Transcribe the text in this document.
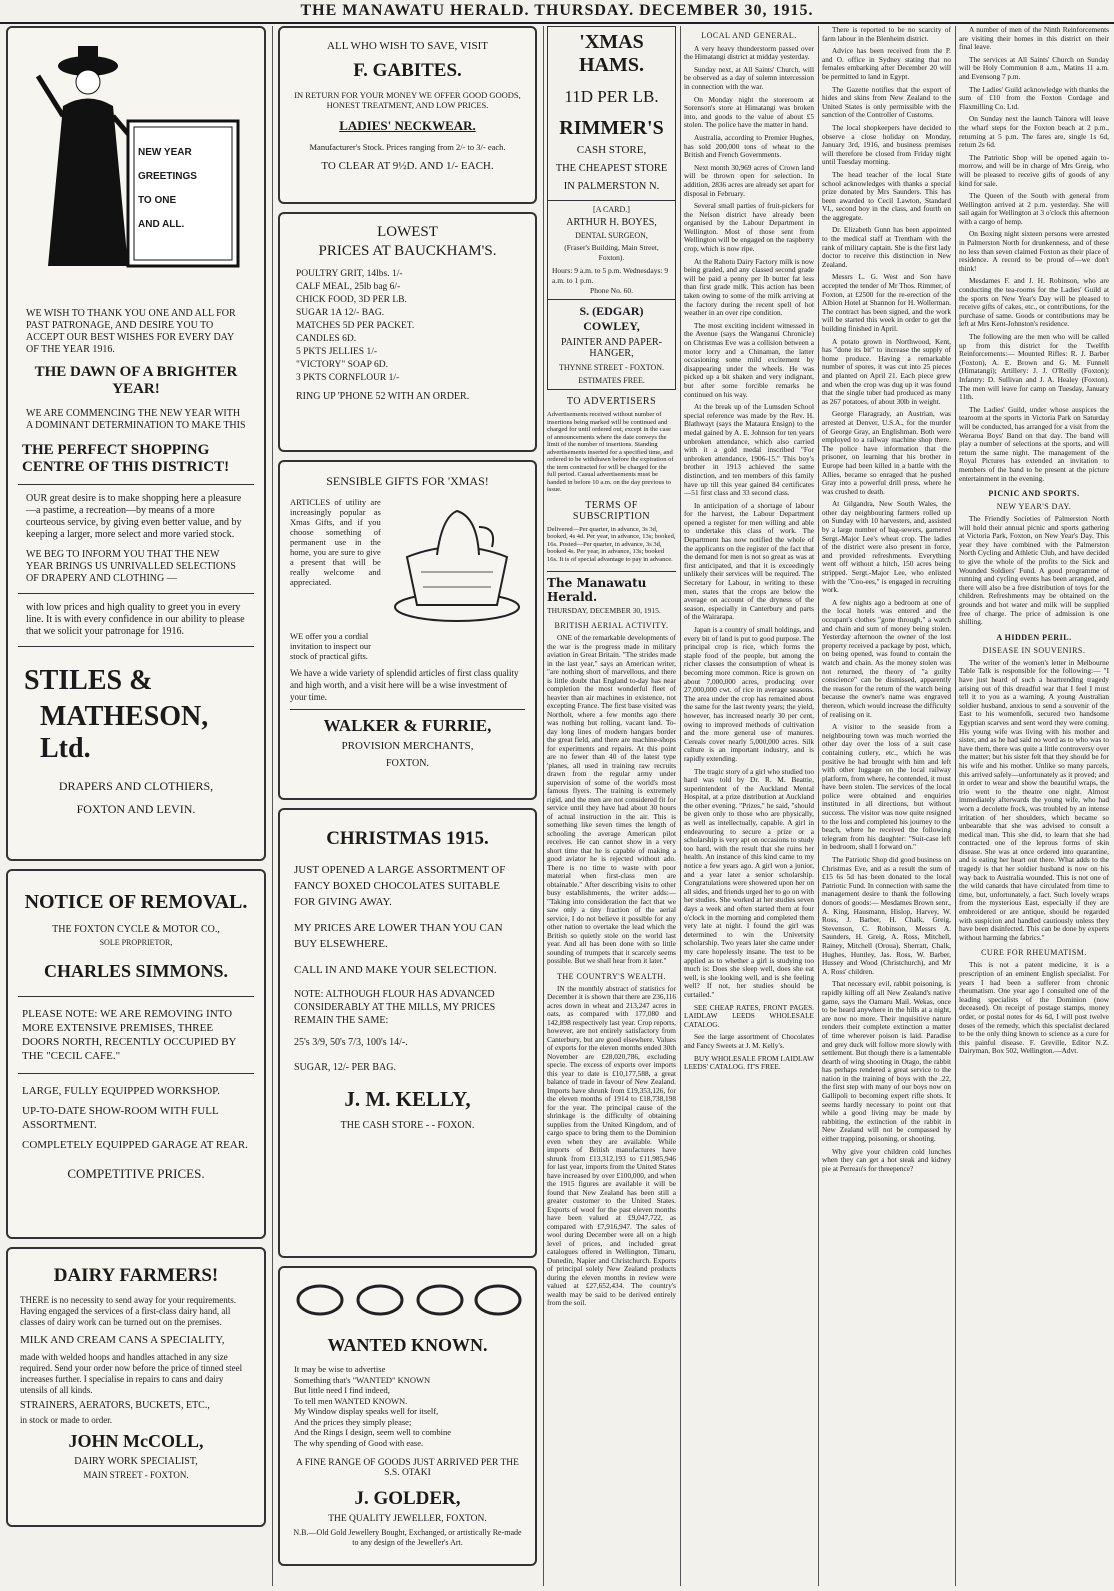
THE MANAWATU HERALD. THURSDAY. DECEMBER 30, 1915.
NEW YEAR
GREETINGS
TO ONE
AND ALL.

WE WISH TO THANK YOU ONE AND ALL FOR PAST PATRONAGE, AND DESIRE YOU TO ACCEPT OUR BEST WISHES FOR EVERY DAY OF THE YEAR 1916.

THE DAWN OF A BRIGHTER YEAR!

WE ARE COMMENCING THE NEW YEAR WITH A DOMINANT DETERMINATION TO MAKE THIS

THE PERFECT SHOPPING CENTRE OF THIS DISTRICT!

OUR great desire is to make shopping here a pleasure—a pastime, a recreation—by means of a more courteous service, by giving even better value, and by keeping a larger, more select and more varied stock.

WE BEG TO INFORM YOU THAT THE NEW YEAR BRINGS US UNRIVALLED SELECTIONS OF DRAPERY AND CLOTHING —

with low prices and high quality to greet you in every line. It is with every confidence in our ability to please that we solicit your patronage for 1916.

STILES &
MATHESON, Ltd.
DRAPERS AND CLOTHIERS,
FOXTON AND LEVIN.
NOTICE OF REMOVAL.
THE FOXTON CYCLE & MOTOR CO.,
SOLE PROPRIETOR,
CHARLES SIMMONS.

PLEASE NOTE: WE ARE REMOVING INTO MORE EXTENSIVE PREMISES, THREE DOORS NORTH, RECENTLY OCCUPIED BY THE "CECIL CAFE."

LARGE, FULLY EQUIPPED WORKSHOP.
UP-TO-DATE SHOW-ROOM WITH FULL ASSORTMENT.
COMPLETELY EQUIPPED GARAGE AT REAR.
COMPETITIVE PRICES.
DAIRY FARMERS!

THERE is no necessity to send away for your requirements. Having engaged the services of a first-class dairy hand, all classes of dairy work can be turned out on the premises.

MILK AND CREAM CANS A SPECIALITY,

made with welded hoops and handles attached in any size required. Send your order now before the price of tinned steel increases further. I specialise in repairs to cans and dairy utensils of all kinds.

STRAINERS, AERATORS, BUCKETS, ETC.,
in stock or made to order.
JOHN McCOLL,
DAIRY WORK SPECIALIST,
MAIN STREET - FOXTON.
ALL WHO WISH TO SAVE, VISIT
F. GABITES.
IN RETURN FOR YOUR MONEY WE OFFER GOOD GOODS, HONEST TREATMENT, AND LOW PRICES.
LADIES' NECKWEAR.
Manufacturer's Stock. Prices ranging from 2/- to 3/- each.
TO CLEAR AT 9½D. AND 1/- EACH.
LOWEST
PRICES AT BAUCKHAM'S.
POULTRY GRIT, 14lbs. 1/-
CALF MEAL, 25lb bag 6/-
CHICK FOOD, 3D PER LB.
SUGAR 1A 12/- BAG.
MATCHES 5D PER PACKET.
CANDLES 6D.
5 PKTS JELLIES 1/-
"VICTORY" SOAP 6D.
3 PKTS CORNFLOUR 1/-
RING UP 'PHONE 52 WITH AN ORDER.
SENSIBLE GIFTS FOR 'XMAS!

ARTICLES of utility are increasingly popular as Xmas Gifts, and if you choose something of permanent use in the home, you are sure to give a present that will be really welcome and appreciated.

WE offer you a cordial invitation to inspect our stock of practical gifts.

We have a wide variety of splendid articles of first class quality and high worth, and a visit here will be a wise investment of your time.

WALKER & FURRIE,
PROVISION MERCHANTS,
FOXTON.
CHRISTMAS 1915.
JUST OPENED A LARGE ASSORTMENT OF FANCY BOXED CHOCOLATES SUITABLE FOR GIVING AWAY.
MY PRICES ARE LOWER THAN YOU CAN BUY ELSEWHERE.
CALL IN AND MAKE YOUR SELECTION.
NOTE: ALTHOUGH FLOUR HAS ADVANCED CONSIDERABLY AT THE MILLS, MY PRICES REMAIN THE SAME:
25's 3/9, 50's 7/3, 100's 14/-.
SUGAR, 12/- PER BAG.
J. M. KELLY,
THE CASH STORE - - FOXON.
WANTED KNOWN.
It may be wise to advertise
Something that's "WANTED" KNOWN
But little need I find indeed,
To tell men WANTED KNOWN.
My Window display speaks well for itself,
And the prices they simply please;
And the Rings I design, seem well to combine
The why spending of Good with ease.
A FINE RANGE OF GOODS JUST ARRIVED PER THE S.S. OTAKI
J. GOLDER,
THE QUALITY JEWELLER, FOXTON.
N.B.—Old Gold Jewellery Bought, Exchanged, or artistically Re-made to any design of the Jeweller's Art.
'XMAS
HAMS.
11D PER LB.
RIMMER'S
CASH STORE,
THE CHEAPEST STORE IN PALMERSTON N.
[A CARD.]
ARTHUR H. BOYES,
DENTAL SURGEON,
(Fraser's Building, Main Street, Foxton).
Hours: 9 a.m. to 5 p.m. Wednesdays: 9 a.m. to 1 p.m.
Phone No. 60.
S. (EDGAR) COWLEY,
PAINTER AND PAPER-HANGER,
THYNNE STREET - FOXTON.
ESTIMATES FREE.
TO ADVERTISERS

Advertisements received without number of insertions being marked will be continued and charged for until ordered out, except in the case of announcements where the date conveys the limit of the number of insertions. Standing advertisements inserted for a specified time, and ordered to be withdrawn before the expiration of the term contracted for will be charged for the full period. Casual advertisements must be handed in before 10 a.m. on the day previous to issue.

TERMS OF SUBSCRIPTION

Delivered—Per quarter, in advance, 3s 3d, booked, 4s 4d. Per year, in advance, 13s; booked, 16s. Posted—Per quarter, in advance, 3s 3d, booked 4s. Per year, in advance, 13s; booked 16s. It is of special advantage to pay in advance.

The Manawatu Herald.
THURSDAY, DECEMBER 30, 1915.
BRITISH AERIAL ACTIVITY.

ONE of the remarkable developments of the war is the progress made in military aviation in Great Britain. "The strides made in the last year," says an American writer, "are nothing short of marvellous, and there is little doubt that England to-day has near completion the most wonderful fleet of heavier than air machines in existence, not excepting France. The first base visited was Northolt, where a few months ago there was nothing but rolling, vacant land. To-day long lines of modern hangars border the great field, and there are machine-shops for experiments and repairs. At this point are no fewer than 40 of the latest type 'planes, all used in training raw recruits drawn from the regular army under supervision of some of the world's most famous flyers. The training is extremely rigid, and the men are not considered fit for service until they have had about 30 hours of actual instruction in the air. This is something like seven times the length of schooling the average American pilot receives. He can cannot show in a very short time that he is capable of making a good aviator he is rejected without ado. There is no time to waste with poor material when first-class men are obtainable." After describing visits to other busy establishments, the writer adds:— "Taking into consideration the fact that we saw only a tiny fraction of the aerial service, I do not believe it possible for any other nation to overtake the lead which the British so quietly stole on the world last year. And all has been done with so little sounding of trumpets that it scarcely seems possible. But we shall hear from it later."

THE COUNTRY'S WEALTH.

IN the monthly abstract of statistics for December it is shown that there are 236,116 acres down in wheat and 213,247 acres in oats, as compared with 177,080 and 142,898 respectively last year. Crop reports, however, are not entirely satisfactory from Canterbury, but are good elsewhere. Values of exports for the eleven months ended 30th November are £28,020,786, excluding specie. The excess of exports over imports this year to date is £10,177,588, a great balance of trade in favour of New Zealand. Imports have shrunk from £19,353,126, for the eleven months of 1914 to £18,738,198 for the year. The principal cause of the shrinkage is the difficulty of obtaining supplies from the United Kingdom, and of cargo space to bring them to the Dominion even when they are available. While imports of British manufactures have shrunk from £13,312,193 to £11,985,946 for last year, imports from the United States have increased by over £100,000, and when the 1915 figures are available it will be found that New Zealand has been still a greater customer to the United States. Exports of wool for the past eleven months have been valued at £9,047,722, as compared with £7,916,947. The sales of wool during December were all on a high level of prices, and included great catalogues offered in Wellington, Timaru, Dunedin, Napier and Christchurch. Exports of principal solely New Zealand products during the eleven months in review were valued at £27,652,434. The country's wealth may be said to be derived entirely from the soil.

LOCAL AND GENERAL.

A very heavy thunderstorm passed over the Himatangi district at midday yesterday.

Sunday next, at All Saints' Church, will be observed as a day of solemn intercession in connection with the war.

On Monday night the storeroom at Sorenson's store at Himatangi was broken into, and goods to the value of about £5 stolen. The police have the matter in hand.

Australia, according to Premier Hughes, has sold 200,000 tons of wheat to the British and French Governments.

Next month 30,969 acres of Crown land will be thrown open for selection. In addition, 2836 acres are already set apart for disposal in February.

Several small parties of fruit-pickers for the Nelson district have already been organised by the Labour Department in Wellington. Most of those sent from Wellington will be engaged on the raspberry crop, which is now ripe.

At the Rahotu Dairy Factory milk is now being graded, and any classed second grade will be paid a penny per lb butter fat less than first grade milk. This action has been taken owing to some of the milk arriving at the factory during the recent spell of hot weather in an over ripe condition.

The most exciting incident witnessed in the Avenue (says the Wanganui Chronicle) on Christmas Eve was a collision between a motor lorry and a Chinaman, the latter occasioning some mild excitement by disappearing under the wheels. He was picked up a bit shaken and very indignant, but after some forcible remarks he continued on his way.

At the break up of the Lumsden School special reference was made by the Rev. H. Blathwayt (says the Mataura Ensign) to the medal gained by A. E. Johnson for ten years unbroken attendance, which also carried with it a gold medal inscribed "For unbroken attendance, 1906-15." This boy's brother in 1913 achieved the same distinction, and ten members of this family have up till this year gained 84 certificates—51 first class and 33 second class.

In anticipation of a shortage of labour for the harvest, the Labour Department opened a register for men willing and able to undertake this class of work. The Department has now notified the whole of the applicants on the register of the fact that the demand for men is not so great as was at first anticipated, and that it is exceedingly unlikely their services will be required. The Secretary for Labour, in writing to these men, states that the crops are below the average on account of the dryness of the season, especially in Canterbury and parts of the Wairarapa.

Japan is a country of small holdings, and every bit of land is put to good purpose. The principal crop is rice, which forms the staple food of the people, but among the richer classes the consumption of wheat is becoming more common. Rice is grown on about 7,000,000 acres, producing over 27,000,000 cwt. of rice in average seasons. The area under the crop has remained about the same for the last twenty years; the yield, however, has increased nearly 30 per cent, owing to improved methods of cultivation and the more general use of manures. Cereals cover nearly 5,000,000 acres. Silk culture is an important industry, and is rapidly extending.

The tragic story of a girl who studied too hard was told by Dr. R. M. Beattie, superintendent of the Auckland Mental Hospital, at a prize distribution at Auckland the other evening. "Prizes," he said, "should be given only to those who are physically, as well as intellectually, capable. A girl in endeavouring to secure a prize or a scholarship is very apt on occasions to study too hard, with the result that she ruins her health. An instance of this kind came to my notice a few years ago. A girl won a junior, and a year later a senior scholarship. Congratulations were showered upon her on all sides, and friends urged her to go on with her studies. She worked at her studies seven days a week and often started them at four o'clock in the morning and completed them very late at night. I found the girl was determined to win the University scholarship. Two years later she came under my care hopelessly insane. The test to be applied as to whether a girl is studying too much is: Does she sleep well, does she eat well, is she looking well, and is she feeling well? If not, her studies should be curtailed."

SEE CHEAP RATES, FRONT PAGES. LAIDLAW LEEDS WHOLESALE CATALOG.

See the large assortment of Chocolates and Fancy Sweets at J. M. Kelly's.

BUY WHOLESALE FROM LAIDLAW LEEDS' CATALOG. IT'S FREE.

There is reported to be no scarcity of farm labour in the Blenheim district.

Advice has been received from the P. and O. office in Sydney stating that no females embarking after December 20 will be permitted to land in Egypt.

The Gazette notifies that the export of hides and skins from New Zealand to the United States is only permissible with the sanction of the Controller of Customs.

The local shopkeepers have decided to observe a close holiday on Monday, January 3rd, 1916, and business premises will therefore be closed from Friday night until Tuesday morning.

The head teacher of the local State school acknowledges with thanks a special prize donated by Mrs Saunders. This has been awarded to Cecil Lawton, Standard VI., second boy in the class, and fourth on the aggregate.

Dr. Elizabeth Gunn has been appointed to the medical staff at Trentham with the rank of military captain. She is the first lady doctor to receive this distinction in New Zealand.

Messrs L. G. West and Son have accepted the tender of Mr Thos. Rimmer, of Foxton, at £2500 for the re-erection of the Albion Hotel at Shannon for H. Wollerman. The contract has been signed, and the work will be started this week in order to get the building finished in April.

A potato grown in Northwood, Kent, has "done its bit" to increase the supply of home produce. Having a remarkable number of spores, it was cut into 25 pieces and planted on April 21. Each piece grew and when the crop was dug up it was found that the single tuber had produced as many as 267 potatoes, of about 30lb in weight.

George Flaragrady, an Austrian, was arrested at Denver, U.S.A., for the murder of George Gray, an Englishman. Both were employed to a railway machine shop there. The police have information that the prisoner, on learning that his brother in Europe had been killed in a battle with the Allies, became so enraged that he pushed Gray into a powerful drill press, where he was crushed to death.

At Gilgandra, New South Wales, the other day neighbouring farmers rolled up on Sunday with 10 harvesters, and, assisted by a large number of bag-sewers, garnered Sergt.-Major Lee's wheat crop. The ladies of the district were also present in force, and provided refreshments. Everything went off without a hitch, 150 acres being stripped. Sergt.-Major Lee, who enlisted with the "Coo-ees," is engaged in recruiting work.

A few nights ago a bedroom at one of the local hotels was entered and the occupant's clothes "gone through," a watch and chain and sum of money being stolen. Yesterday afternoon the owner of the lost property received a package by post, which, on being opened, was found to contain the watch and chain. As the money stolen was not returned, the theory of "a guilty conscience" can be dismissed, apparently the reason for the return of the watch being because the owner's name was engraved thereon, which would increase the difficulty of realising on it.

A visitor to the seaside from a neighbouring town was much worried the other day over the loss of a suit case containing cutlery, etc., which he was positive he had brought with him and left with other luggage on the local railway platform, from where, he contended, it must have been stolen. The services of the local police were obtained and enquiries instituted in all directions, but without success. The visitor was now quite resigned to the loss and completed his journey to the beach, where he received the following telegram from his daughter: "Suit-case left in bedroom, shall I forward on."

The Patriotic Shop did good business on Christmas Eve, and as a result the sum of £15 6s 5d has been donated to the local Patriotic Fund. In connection with same the management desire to thank the following donors of goods:— Mesdames Brown senr., A. King, Hausmann, Hislop, Harvey, W. Ross, J. Barber, H. Chalk, Greig, Stevenson, C. Robinson, Messrs A. Saunders, H. Greig, A. Ross, Mitchell, Rainey, Mitchell (Oroua), Sherratt, Chalk, Hughes, Huntley, Jas. Ross, W. Barber, Hussey and Wood (Christchurch), and Mr A. Ross' children.

That necessary evil, rabbit poisoning, is rapidly killing off all New Zealand's native game, says the Oamaru Mail. Wekas, once to be heard anywhere in the hills at a night, are now no more. Their inquisitive nature renders their complete extinction a matter of time wherever poison is laid. Paradise and grey duck will follow more slowly with settlement. But though there is a lamentable dearth of wing shooting in Otago, the rabbit has perhaps rendered a great service to the nation in the training of boys with the .22, the first step with many of our boys now on Gallipoli to becoming expert rifle shots. It seems hardly necessary to point out that while a good living may be made by rabbiting, the extinction of the rabbit in New Zealand will not be compassed by either trapping, poisoning, or shooting.

Why give your children cold lunches when they can get a hot steak and kidney pie at Perreau's for threepence?

A number of men of the Ninth Reinforcements are visiting their homes in this district on their final leave.

The services at All Saints' Church on Sunday will be Holy Communion 8 a.m., Matins 11 a.m. and Evensong 7 p.m.

The Ladies' Guild acknowledge with thanks the sum of £10 from the Foxton Cordage and Flaxmilling Co. Ltd.

On Sunday next the launch Tainora will leave the wharf steps for the Foxton beach at 2 p.m., returning at 5 p.m. The fares are, single 1s 6d, return 2s 6d.

The Patriotic Shop will be opened again to-morrow, and will be in charge of Mrs Greig, who will be pleased to receive gifts of goods of any kind for sale.

The Queen of the South with general from Wellington arrived at 2 p.m. yesterday. She will sail again for Wellington at 3 o'clock this afternoon with a cargo of hemp.

On Boxing night sixteen persons were arrested in Palmerston North for drunkenness, and of these no less than seven claimed Foxton as their place of residence. A record to be proud of—we don't think!

Mesdames F. and J. H. Robinson, who are conducting the tea-rooms for the Ladies' Guild at the sports on New Year's Day will be pleased to receive gifts of cakes, etc., or contributions, for the purchase of same. Goods or contributions may be left at Mrs Kent-Johnston's residence.

The following are the men who will be called up from this district for the Twelfth Reinforcements:— Mounted Rifles: R. J. Barber (Foxton), A. E. Brown and G. M. Funnell (Himatangi); Artillery: J. J. O'Reilly (Foxton); Infantry: D. Sullivan and J. A. Healey (Foxton). The men will leave for camp on Tuesday, January 11th.

The Ladies' Guild, under whose auspices the tearoom at the sports in Victoria Park on Saturday will be conducted, has arranged for a visit from the Weraroa Boys' Band on that day. The band will play a number of selections at the sports, and will return the same night. The management of the Royal Pictures has extended an invitation to members of the band to be present at the picture entertainment in the evening.

PICNIC AND SPORTS.
NEW YEAR'S DAY.

The Friendly Societies of Palmerston North will hold their annual picnic and sports gathering at Victoria Park, Foxton, on New Year's Day. This year they have combined with the Palmerston North Cycling and Athletic Club, and have decided to give the whole of the profits to the Sick and Wounded Soldiers' Fund. A good programme of running and cycling events has been arranged, and there will also be a free distribution of toys for the children. Refreshments may be obtained on the grounds and hot water and milk will be supplied free of charge. The price of admission is one shilling.

A HIDDEN PERIL.
DISEASE IN SOUVENIRS.

The writer of the women's letter in Melbourne Table Talk is responsible for the following:— "I have just heard of such a heartrending tragedy arising out of this dreadful war that I feel I must tell it to you as a warning. A young Australian soldier husband, anxious to send a souvenir of the East to his womenfolk, secured two handsome Egyptian scarves and sent word they were coming. His young wife was living with his mother and sister, and as he had said no word as to who was to have them, there was quite a little controversy over the matter; but his sister felt that they should be for his wife and his mother. Unlike so many parcels, this arrived safely—unfortunately as it proved; and in order to wear and show the beautiful wraps, the trio went to the theatre one night. Almost immediately afterwards the young wife, who had worn a decolette frock, was troubled by an intense irritation of her shoulders, which became so unbearable that she was advised to consult a medical man. This she did, to learn that she had contracted one of the leprous forms of skin disease. She was at once ordered into quarantine, and is eating her heart out there. What adds to the tragedy is that her soldier husband is now on his way back to Australia wounded. This is not one of the wild canards that have circulated from time to time, but, unfortunately, a fact. Such lovely wraps from the mysterious East, especially if they are embroidered or are antique, should be regarded with suspicion and handled cautiously unless they have been disinfected. This can be done by experts without harming the fabrics."

CURE FOR RHEUMATISM.

This is not a patent medicine, it is a prescription of an eminent English specialist. For years I had been a sufferer from chronic rheumatism. One year ago I consulted one of the leading specialists of the Dominion (now deceased). On receipt of postage stamps, money order, or postal notes for 4s 6d, I will post twelve doses of the remedy, which this specialist declared to be the only thing known to science as a cure for this painful disease. F. Greville, Editor N.Z. Dairyman, Box 502, Wellington.—Advt.
